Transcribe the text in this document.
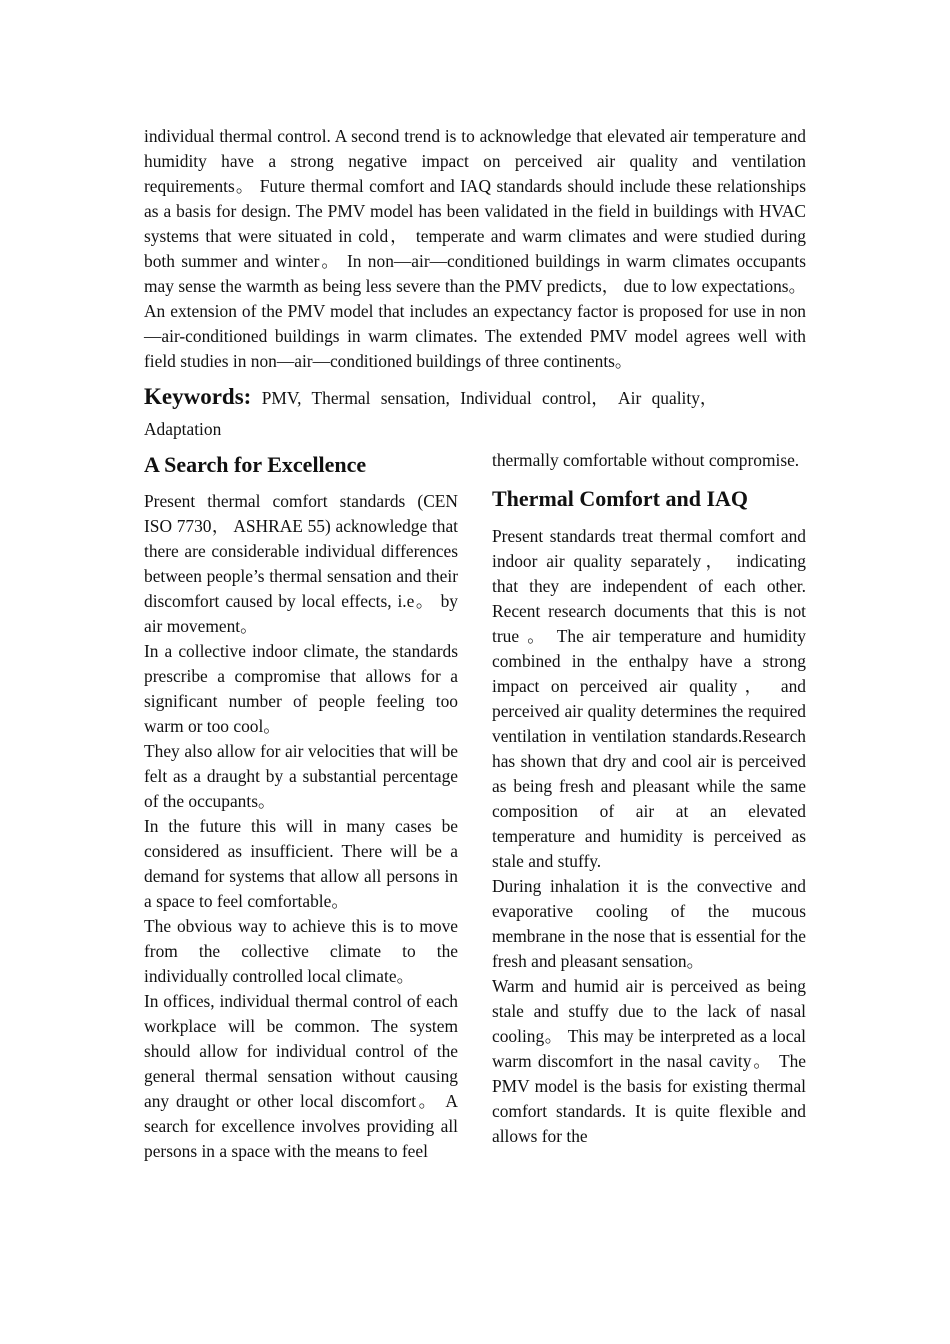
individual thermal control. A second trend is to acknowledge that elevated air temperature and humidity have a strong negative impact on perceived air quality and ventilation requirements。 Future thermal comfort and IAQ standards should include these relationships as a basis for design. The PMV model has been validated in the field in buildings with HVAC systems that were situated in cold， temperate and warm climates and were studied during both summer and winter。 In non—air—conditioned buildings in warm climates occupants may sense the warmth as being less severe than the PMV predicts， due to low expectations。 An extension of the PMV model that includes an expectancy factor is proposed for use in non—air-conditioned buildings in warm climates. The extended PMV model agrees well with field studies in non—air—conditioned buildings of three continents。

Keywords: PMV, Thermal sensation, Individual control， Air quality，
Adaptation
A Search for Excellence

Present thermal comfort standards (CEN ISO 7730， ASHRAE 55) acknowledge that there are considerable individual differences between people’s thermal sensation and their discomfort caused by local effects, i.e。 by air movement。

In a collective indoor climate, the standards prescribe a compromise that allows for a significant number of people feeling too warm or too cool。

They also allow for air velocities that will be felt as a draught by a substantial percentage of the occupants。

In the future this will in many cases be considered as insufficient. There will be a demand for systems that allow all persons in a space to feel comfortable。

The obvious way to achieve this is to move from the collective climate to the individually controlled local climate。

In offices, individual thermal control of each workplace will be common. The system should allow for individual control of the general thermal sensation without causing any draught or other local discomfort。 A search for excellence involves providing all persons in a space with the means to feel

thermally comfortable without compromise.

Thermal Comfort and IAQ

Present standards treat thermal comfort and indoor air quality separately， indicating that they are independent of each other. Recent research documents that this is not true 。 The air temperature and humidity combined in the enthalpy have a strong impact on perceived air quality， and perceived air quality determines the required ventilation in ventilation standards.Research has shown that dry and cool air is perceived as being fresh and pleasant while the same composition of air at an elevated temperature and humidity is perceived as stale and stuffy.

During inhalation it is the convective and evaporative cooling of the mucous membrane in the nose that is essential for the fresh and pleasant sensation。

Warm and humid air is perceived as being stale and stuffy due to the lack of nasal cooling。 This may be interpreted as a local warm discomfort in the nasal cavity。 The PMV model is the basis for existing thermal comfort standards. It is quite flexible and allows for the
